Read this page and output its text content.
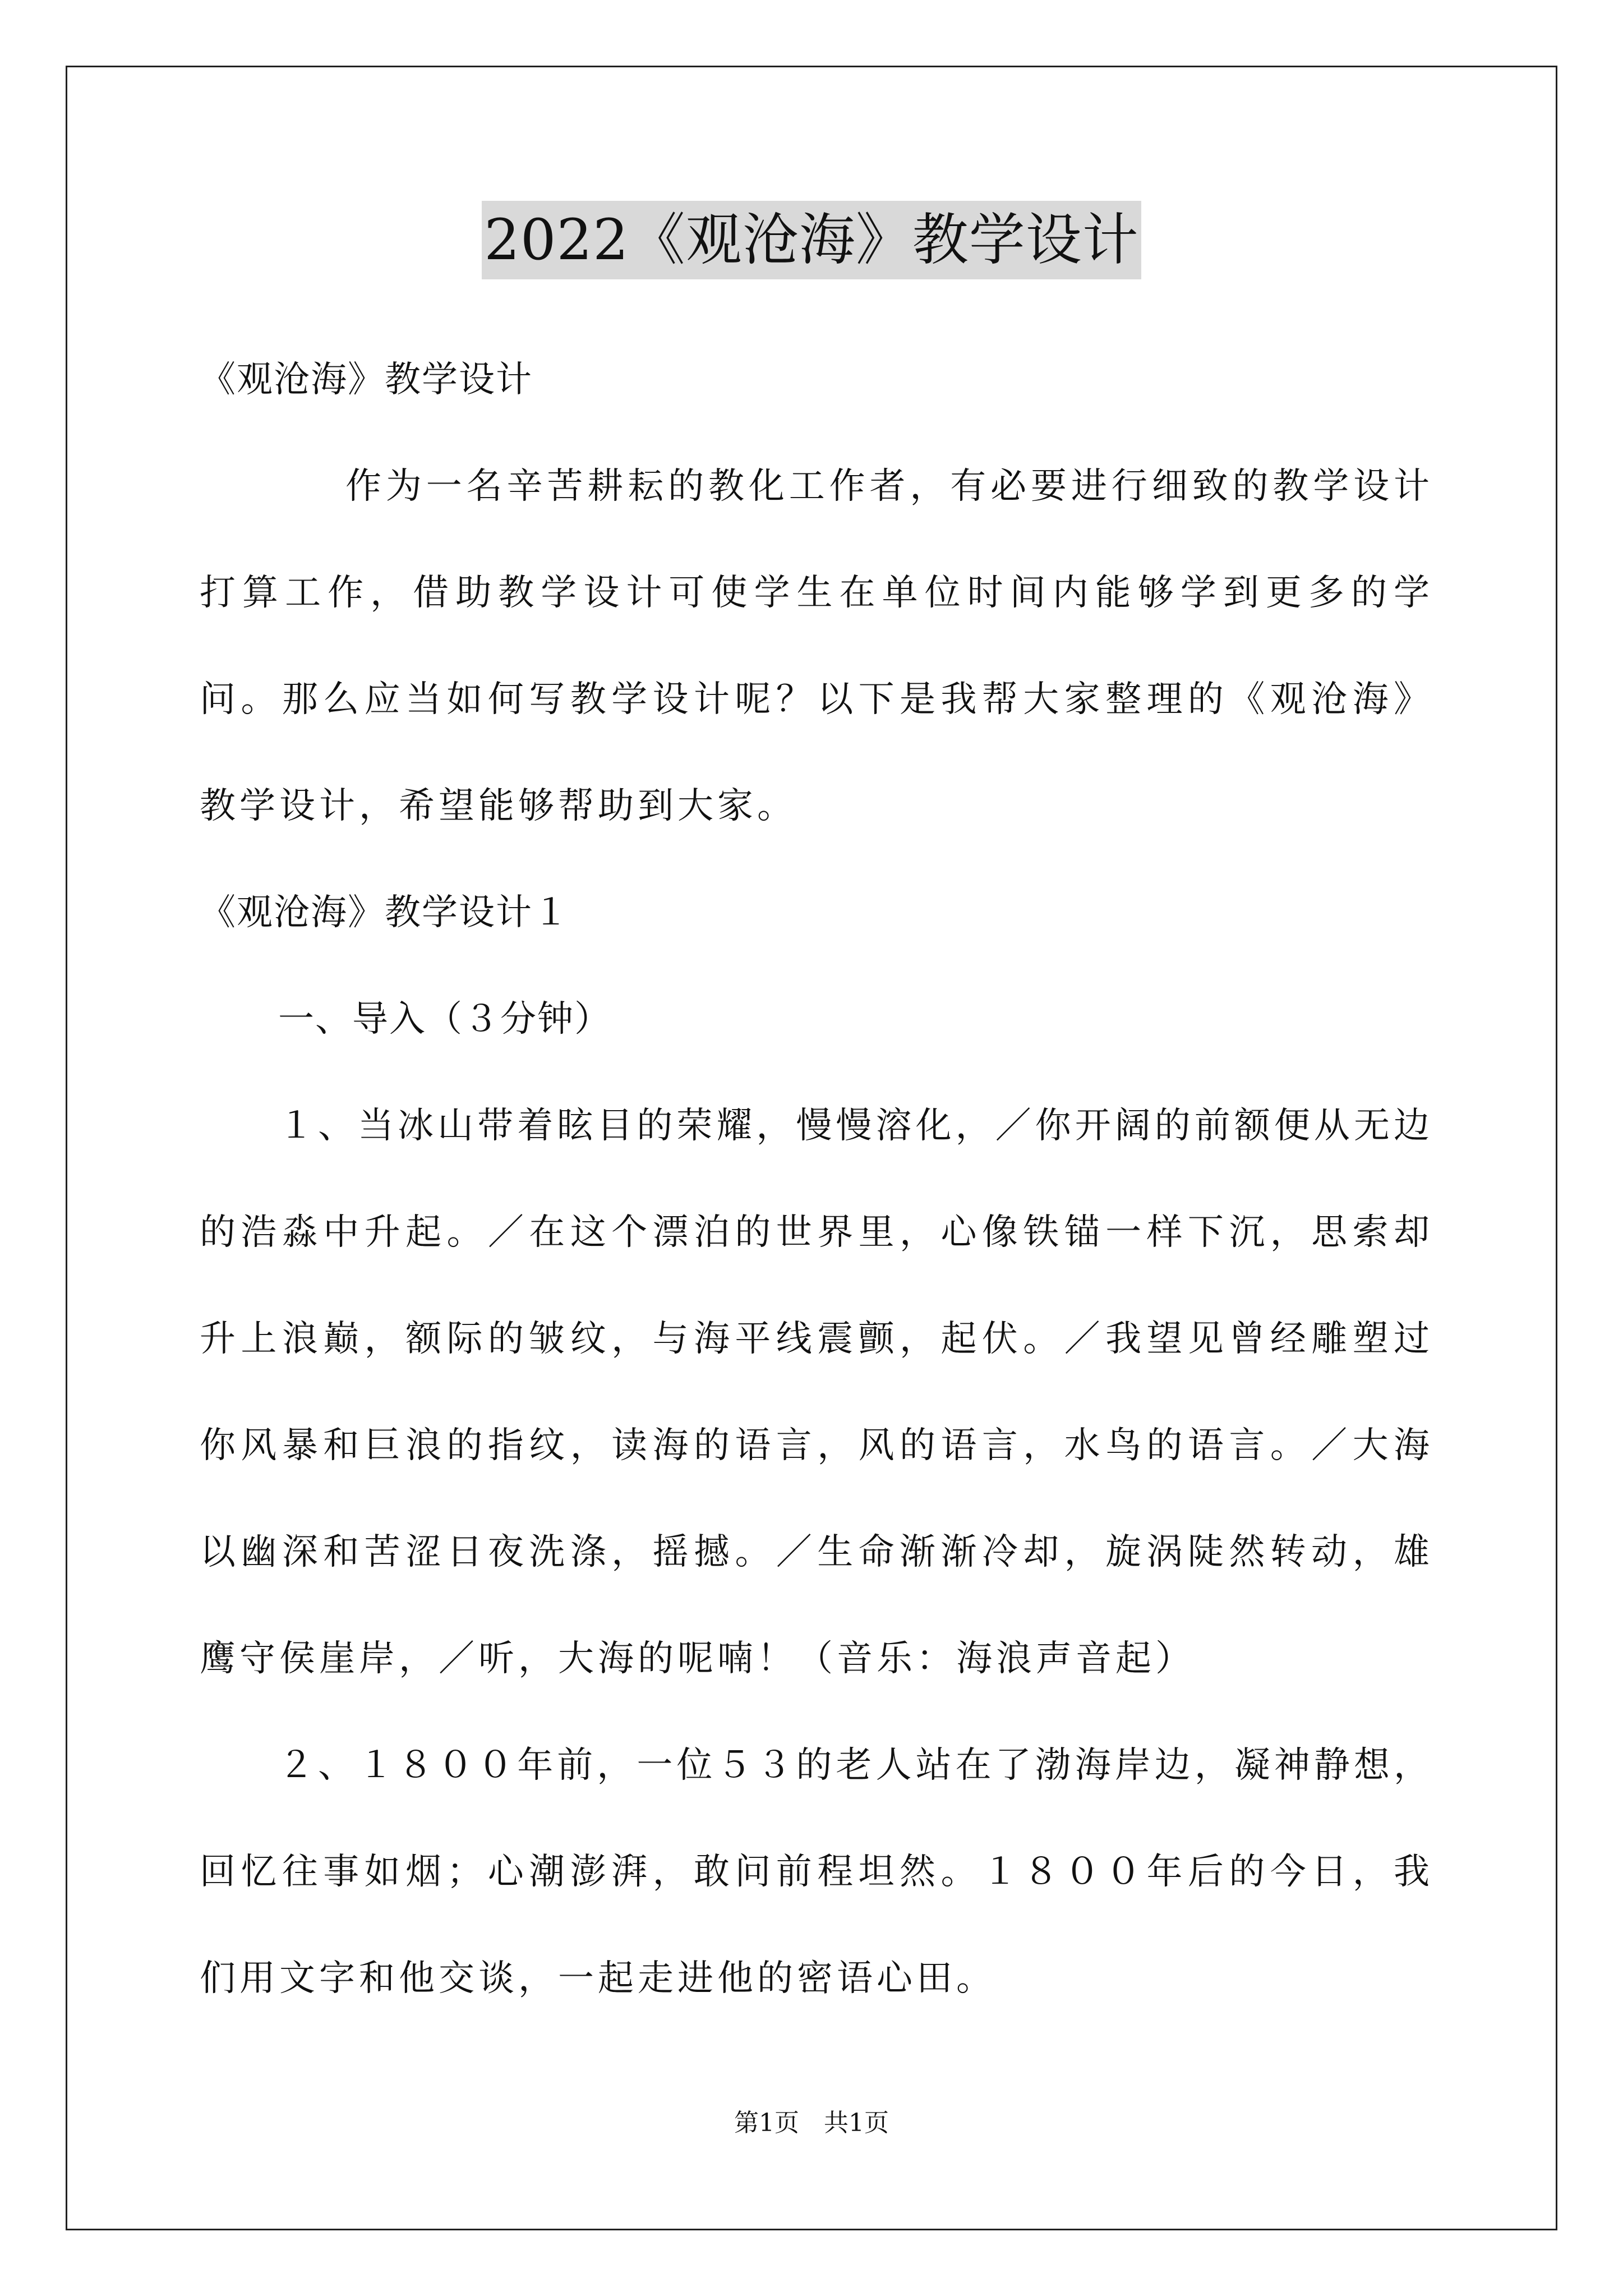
2022《观沧海》教学设计
《观沧海》教学设计
作为一名辛苦耕耘的教化工作者，有必要进行细致的教学设计打算工作，借助教学设计可使学生在单位时间内能够学到更多的学问。那么应当如何写教学设计呢？以下是我帮大家整理的《观沧海》教学设计，希望能够帮助到大家。
《观沧海》教学设计１
一、导入（３分钟）
１、当冰山带着眩目的荣耀，慢慢溶化，／你开阔的前额便从无边的浩淼中升起。／在这个漂泊的世界里，心像铁锚一样下沉，思索却升上浪巅，额际的皱纹，与海平线震颤，起伏。／我望见曾经雕塑过你风暴和巨浪的指纹，读海的语言，风的语言，水鸟的语言。／大海以幽深和苦涩日夜洗涤，摇撼。／生命渐渐冷却，旋涡陡然转动，雄鹰守侯崖岸，／听，大海的呢喃！（音乐：海浪声音起）
２、１８００年前，一位５３的老人站在了渤海岸边，凝神静想，回忆往事如烟；心潮澎湃，敢问前程坦然。１８００年后的今日，我们用文字和他交谈，一起走进他的密语心田。
第1页　共1页
